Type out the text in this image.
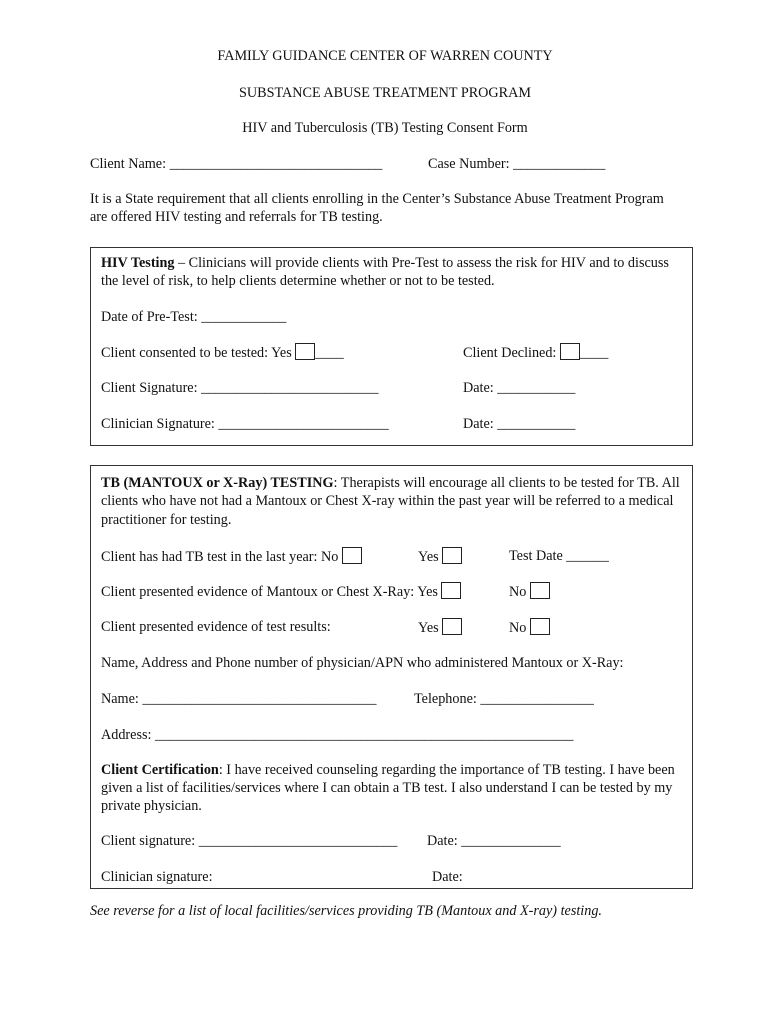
FAMILY GUIDANCE CENTER OF WARREN COUNTY
SUBSTANCE ABUSE TREATMENT PROGRAM
HIV and Tuberculosis (TB) Testing Consent Form
Client Name: ______________________________	Case Number: _____________
It is a State requirement that all clients enrolling in the Center’s Substance Abuse Treatment Program are offered HIV testing and referrals for TB testing.
HIV Testing – Clinicians will provide clients with Pre-Test to assess the risk for HIV and to discuss the level of risk, to help clients determine whether or not to be tested.
Date of Pre-Test: ____________
Client consented to be tested: Yes ____	Client Declined: ____
Client Signature: _________________________	Date: ___________
Clinician Signature: ________________________	Date: ___________
TB (MANTOUX or X-Ray) TESTING: Therapists will encourage all clients to be tested for TB. All clients who have not had a Mantoux or Chest X-ray within the past year will be referred to a medical practitioner for testing.
Client has had TB test in the last year: No	Yes	Test Date ______
Client presented evidence of Mantoux or Chest X-Ray: Yes	No
Client presented evidence of test results:	Yes	No
Name, Address and Phone number of physician/APN who administered Mantoux or X-Ray:
Name: _________________________________	Telephone: ________________
Address: ___________________________________________________________
Client Certification: I have received counseling regarding the importance of TB testing. I have been given a list of facilities/services where I can obtain a TB test. I also understand I can be tested by my private physician.
Client signature: ____________________________ Date: ______________
Clinician signature:	Date:
See reverse for a list of local facilities/services providing TB (Mantoux and X-ray) testing.
